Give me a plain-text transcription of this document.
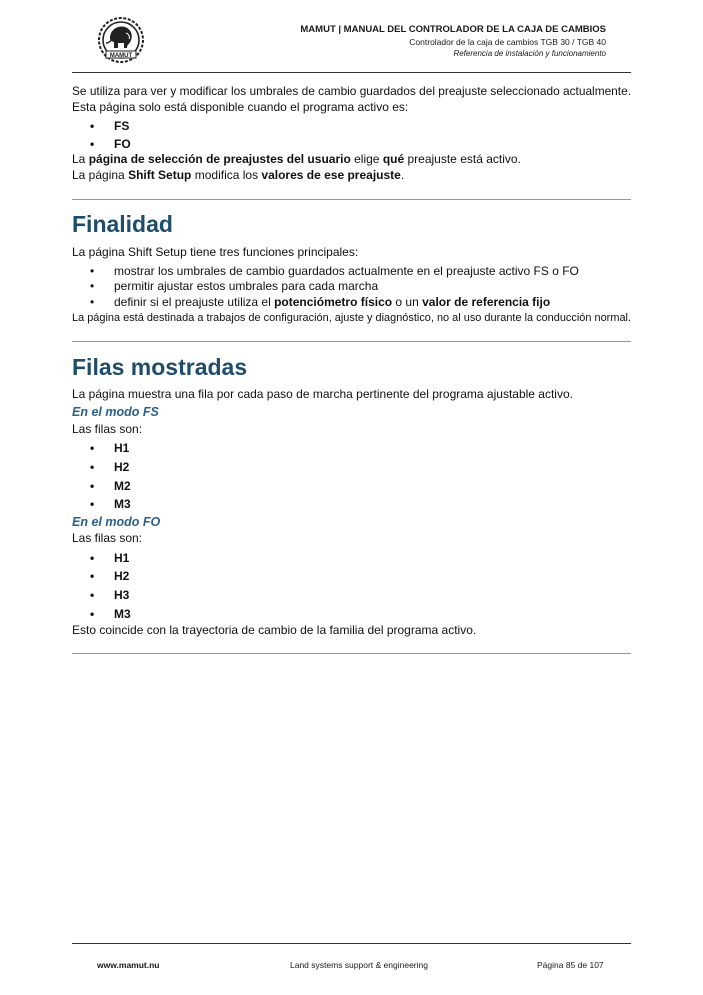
MAMUT
MAMUT | MANUAL DEL CONTROLADOR DE LA CAJA DE CAMBIOS
Controlador de la caja de cambios TGB 30 / TGB 40
Referencia de instalación y funcionamiento
Se utiliza para ver y modificar los umbrales de cambio guardados del preajuste seleccionado actualmente.
Esta página solo está disponible cuando el programa activo es:
• FS
• FO
La página de selección de preajustes del usuario elige qué preajuste está activo.
La página Shift Setup modifica los valores de ese preajuste.
Finalidad
La página Shift Setup tiene tres funciones principales:
• mostrar los umbrales de cambio guardados actualmente en el preajuste activo FS o FO
• permitir ajustar estos umbrales para cada marcha
• definir si el preajuste utiliza el potenciómetro físico o un valor de referencia fijo
La página está destinada a trabajos de configuración, ajuste y diagnóstico, no al uso durante la conducción normal.
Filas mostradas
La página muestra una fila por cada paso de marcha pertinente del programa ajustable activo.
En el modo FS
Las filas son:
• H1
• H2
• M2
• M3
En el modo FO
Las filas son:
• H1
• H2
• H3
• M3
Esto coincide con la trayectoria de cambio de la familia del programa activo.
www.mamut.nu	Land systems support & engineering	Página 85 de 107
